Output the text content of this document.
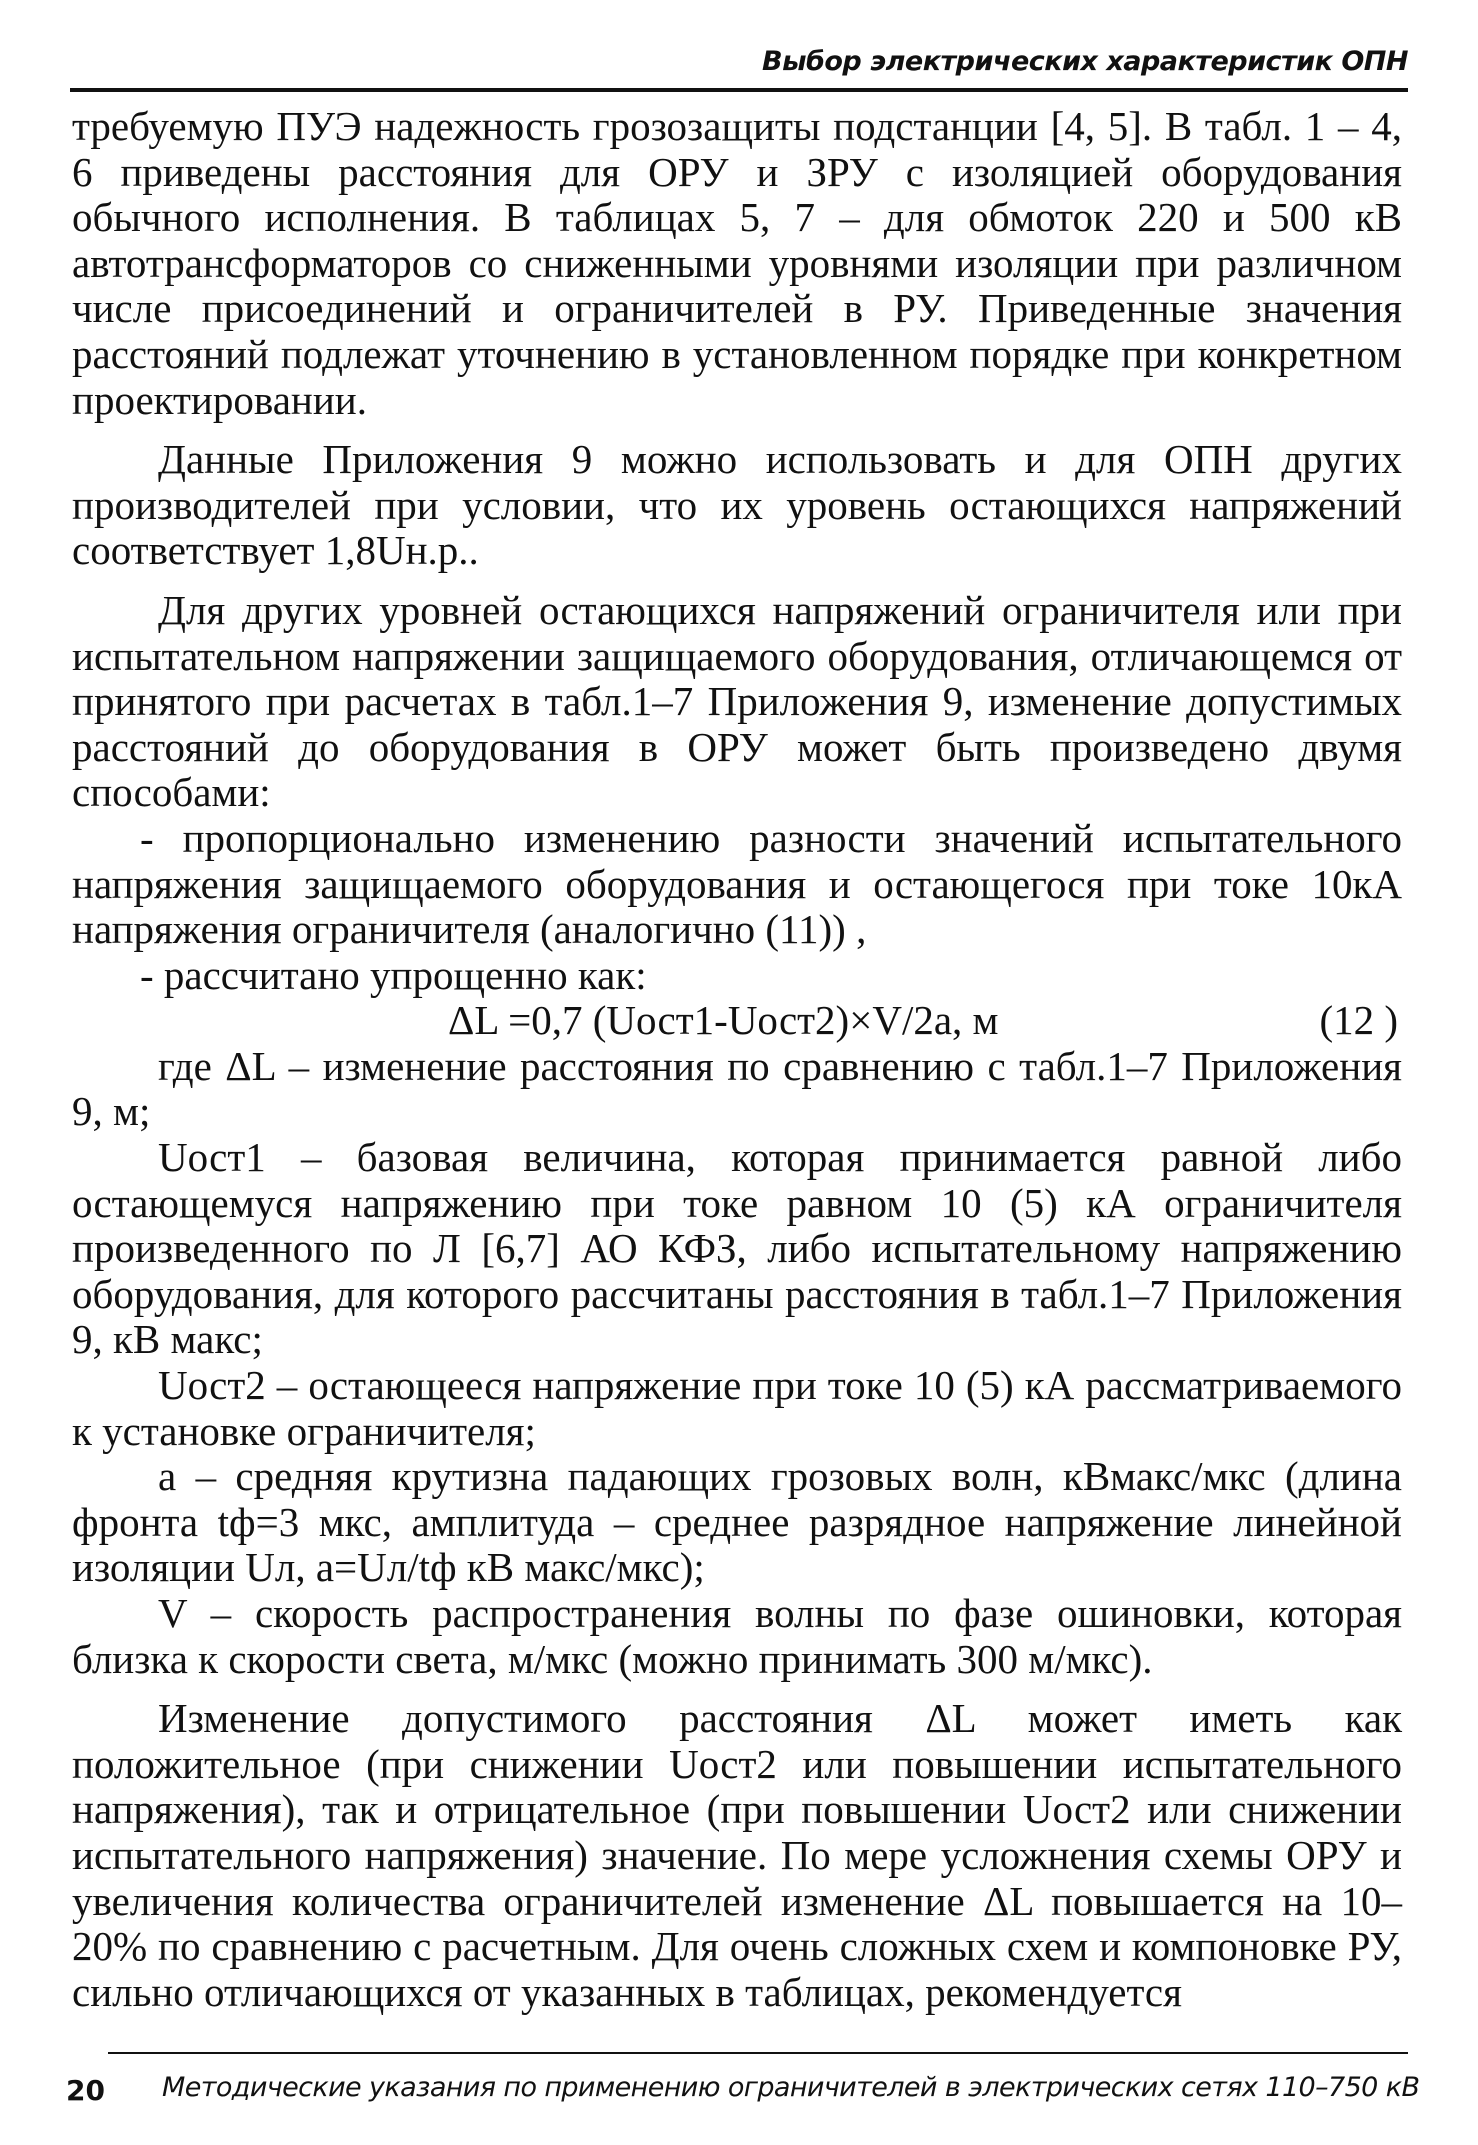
Выбор электрических характеристик ОПН

требуемую ПУЭ надежность грозозащиты подстанции [4, 5]. В табл. 1 – 4, 6 приведены расстояния для ОРУ и ЗРУ с изоляцией оборудования обычного исполнения. В таблицах 5, 7 – для обмоток 220 и 500 кВ автотрансформаторов со сниженными уровнями изоляции при различном числе присоединений и ограничителей в РУ. Приведенные значения расстояний подлежат уточнению в установленном порядке при конкретном проектировании.

Данные Приложения 9 можно использовать и для ОПН других производителей при условии, что их уровень остающихся напряжений соответствует 1,8Uн.р..

Для других уровней остающихся напряжений ограничителя или при испытательном напряжении защищаемого оборудования, отличающемся от принятого при расчетах в табл.1–7 Приложения 9, изменение допустимых расстояний до оборудования в ОРУ может быть произведено двумя способами:

- пропорционально изменению разности значений испытательного напряжения защищаемого оборудования и остающегося при токе 10кА напряжения ограничителя (аналогично (11)) ,

- рассчитано упрощенно как:

ΔL =0,7 (Uост1-Uост2)×V/2a, м	(12 )

где ΔL – изменение расстояния по сравнению с табл.1–7 Приложения 9, м;

Uост1 – базовая величина, которая принимается равной либо остающемуся напряжению при токе равном 10 (5) кА ограничителя произведенного по Л [6,7] АО КФЗ, либо испытательному напряжению оборудования, для которого рассчитаны расстояния в табл.1–7 Приложения 9, кВ макс;

Uост2 – остающееся напряжение при токе 10 (5) кА рассматриваемого к установке ограничителя;

а – средняя крутизна падающих грозовых волн, кВмакс/мкс (длина фронта tф=3 мкс, амплитуда – среднее разрядное напряжение линейной изоляции Uл, а=Uл/tф кВ макс/мкс);

V – скорость распространения волны по фазе ошиновки, которая близка к скорости света, м/мкс (можно принимать 300 м/мкс).

Изменение допустимого расстояния ΔL может иметь как положительное (при снижении Uост2 или повышении испытательного напряжения), так и отрицательное (при повышении Uост2 или снижении испытательного напряжения) значение. По мере усложнения схемы ОРУ и увеличения количества ограничителей изменение ΔL повышается на 10–20% по сравнению с расчетным. Для очень сложных схем и компоновке РУ, сильно отличающихся от указанных в таблицах, рекомендуется

20 Методические указания по применению ограничителей в электрических сетях 110–750 кВ
